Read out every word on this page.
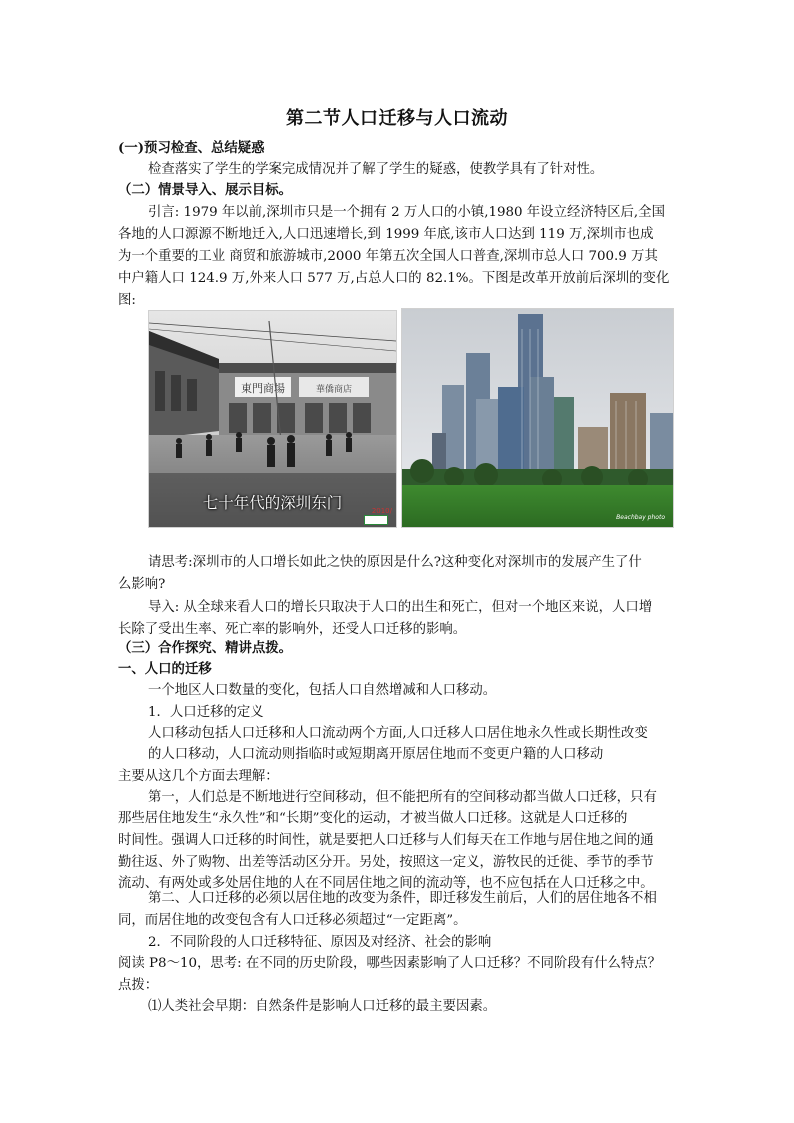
第二节人口迁移与人口流动
(一)预习检查、总结疑惑
检查落实了学生的学案完成情况并了解了学生的疑惑，使教学具有了针对性。
（二）情景导入、展示目标。
引言: 1979 年以前,深圳市只是一个拥有 2 万人口的小镇,1980 年设立经济特区后,全国
各地的人口源源不断地迁入,人口迅速增长,到 1999 年底,该市人口达到 119 万,深圳市也成
为一个重要的工业 商贸和旅游城市,2000 年第五次全国人口普查,深圳市总人口 700.9 万其
中户籍人口 124.9 万,外来人口 577 万,占总人口的 82.1%。下图是改革开放前后深圳的变化
图:
東門商場	華僑商店
七十年代的深圳东门	2010/
Beachbay photo
请思考:深圳市的人口增长如此之快的原因是什么?这种变化对深圳市的发展产生了什
么影响?
导入: 从全球来看人口的增长只取决于人口的出生和死亡，但对一个地区来说，人口增
长除了受出生率、死亡率的影响外，还受人口迁移的影响。
（三）合作探究、精讲点拨。
一、人口的迁移
一个地区人口数量的变化，包括人口自然增减和人口移动。
1．人口迁移的定义
人口移动包括人口迁移和人口流动两个方面,人口迁移人口居住地永久性或长期性改变
的人口移动，人口流动则指临时或短期离开原居住地而不变更户籍的人口移动
主要从这几个方面去理解：
第一，人们总是不断地进行空间移动，但不能把所有的空间移动都当做人口迁移，只有
那些居住地发生“永久性”和“长期”变化的运动，才被当做人口迁移。这就是人口迁移的
时间性。强调人口迁移的时间性，就是要把人口迁移与人们每天在工作地与居住地之间的通
勤往返、外了购物、出差等活动区分开。另处，按照这一定义，游牧民的迁徙、季节的季节
流动、有两处或多处居住地的人在不同居住地之间的流动等，也不应包括在人口迁移之中。
第二、人口迁移的必须以居住地的改变为条件，即迁移发生前后，人们的居住地各不相
同，而居住地的改变包含有人口迁移必须超过“一定距离”。
2．不同阶段的人口迁移特征、原因及对经济、社会的影响
阅读 P8～10，思考: 在不同的历史阶段，哪些因素影响了人口迁移？不同阶段有什么特点？
点拨：
⑴人类社会早期：自然条件是影响人口迁移的最主要因素。
